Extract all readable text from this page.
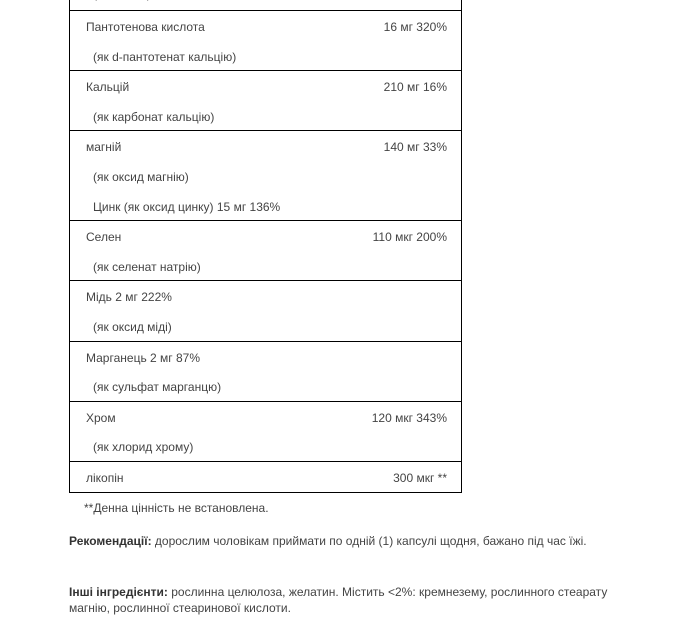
Пантотенова кислота	16 мг 320%
(як d-пантотенат кальцію)
Кальцій	210 мг 16%
(як карбонат кальцію)
магній	140 мг 33%
(як оксид магнію)
Цинк (як оксид цинку) 15 мг 136%
Селен	110 мкг 200%
(як селенат натрію)
Мідь 2 мг 222%
(як оксид міді)
Марганець 2 мг 87%
(як сульфат марганцю)
Хром	120 мкг 343%
(як хлорид хрому)
лікопін	300 мкг **
**Денна цінність не встановлена.
Рекомендації: дорослим чоловікам приймати по одній (1) капсулі щодня, бажано під час їжі.
Інші інгредієнти: рослинна целюлоза, желатин. Містить <2%: кремнезему, рослинного стеарату магнію, рослинної стеаринової кислоти.
